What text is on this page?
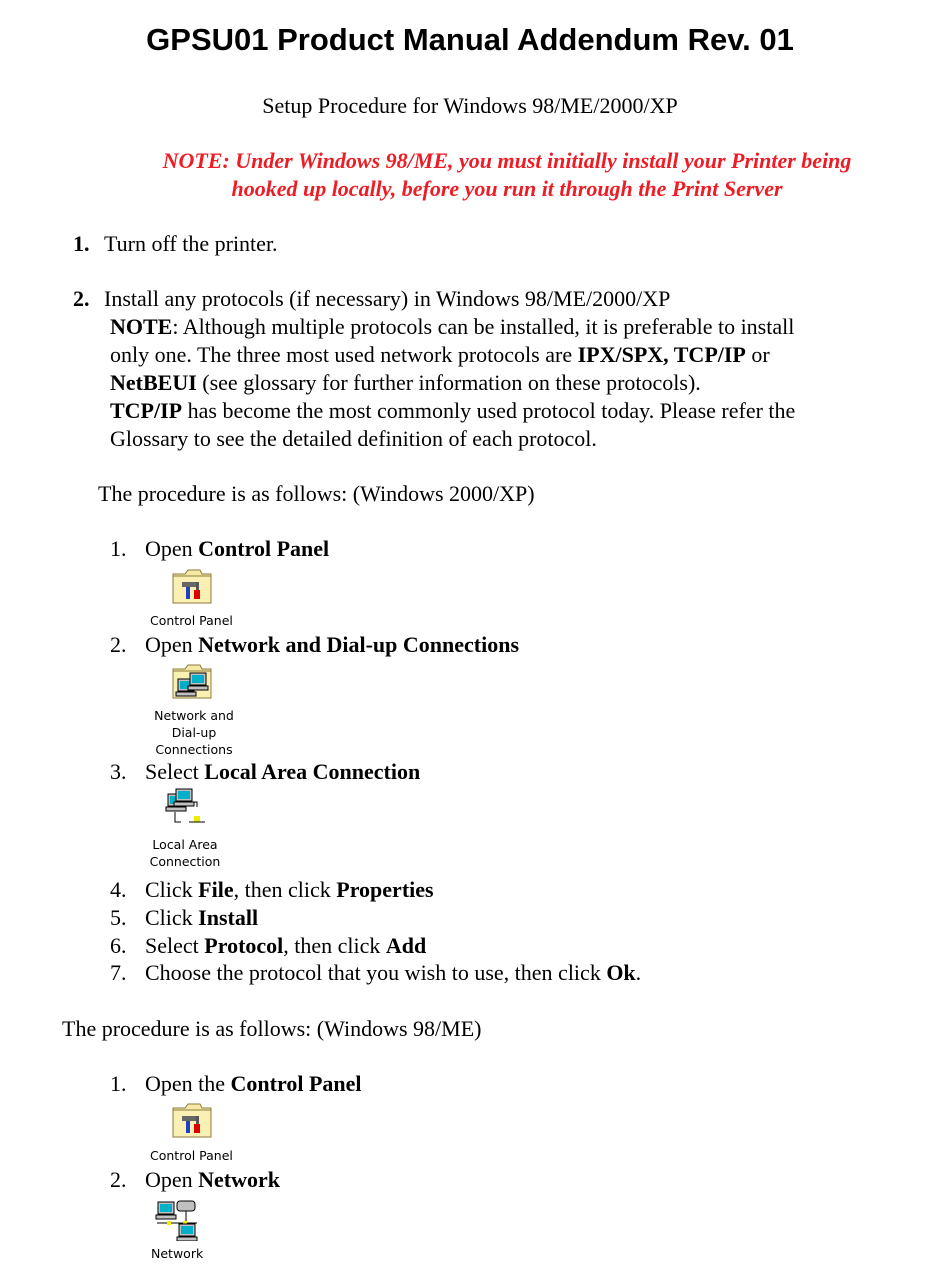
GPSU01 Product Manual Addendum Rev. 01
Setup Procedure for Windows 98/ME/2000/XP
NOTE: Under Windows 98/ME, you must initially install your Printer being
hooked up locally, before you run it through the Print Server
1. Turn off the printer.
2. Install any protocols (if necessary) in Windows 98/ME/2000/XP
NOTE: Although multiple protocols can be installed, it is preferable to install
only one. The three most used network protocols are IPX/SPX, TCP/IP or
NetBEUI (see glossary for further information on these protocols).
TCP/IP has become the most commonly used protocol today. Please refer the
Glossary to see the detailed definition of each protocol.
The procedure is as follows: (Windows 2000/XP)
1. Open Control Panel
Control Panel
2. Open Network and Dial-up Connections
Network and
Dial-up
Connections
3. Select Local Area Connection
Local Area
Connection
4. Click File, then click Properties
5. Click Install
6. Select Protocol, then click Add
7. Choose the protocol that you wish to use, then click Ok.
The procedure is as follows: (Windows 98/ME)
1. Open the Control Panel
Control Panel
2. Open Network
Network
